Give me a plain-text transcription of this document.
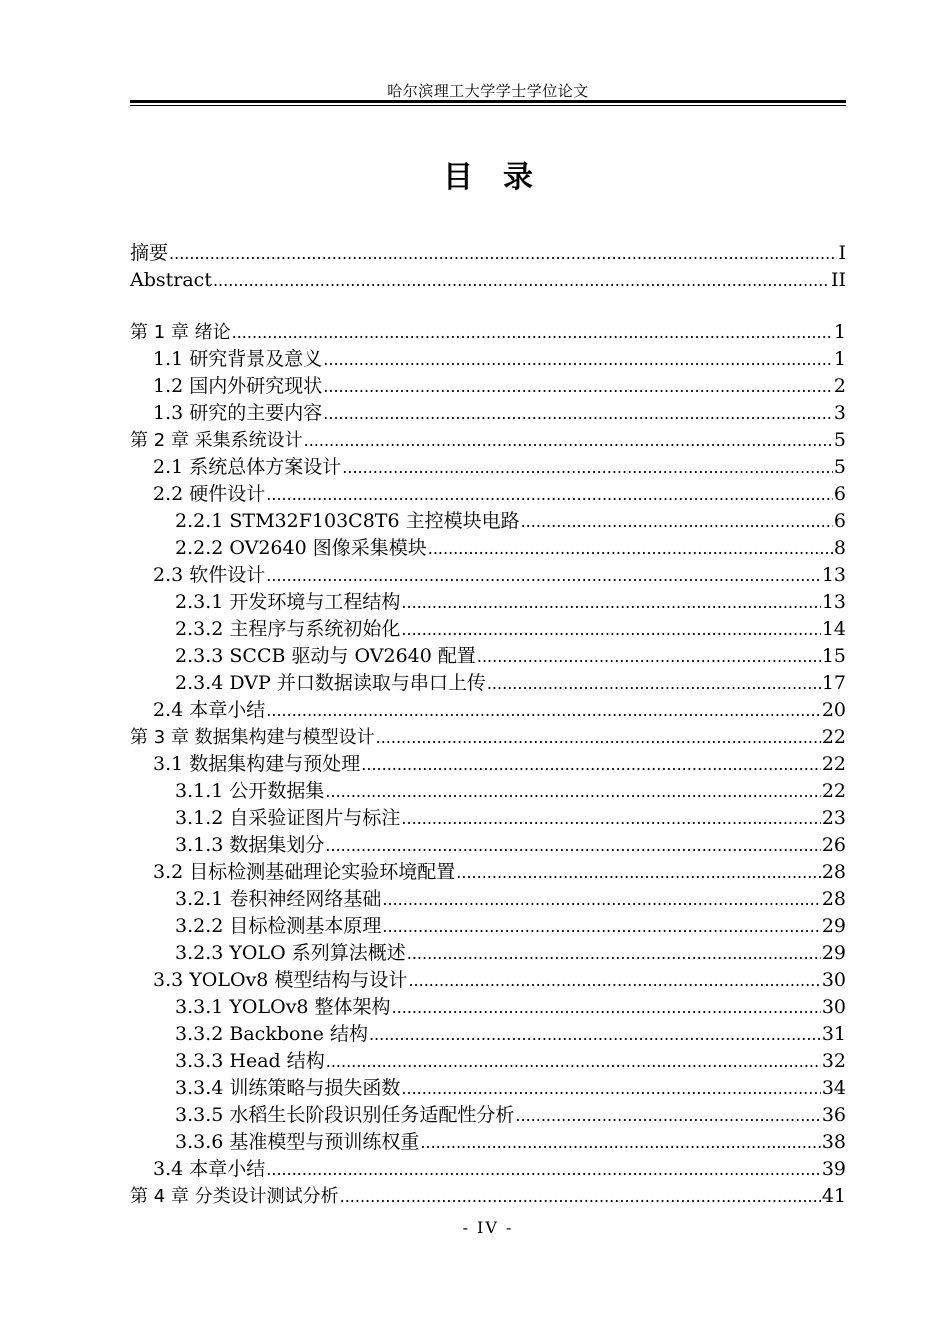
哈尔滨理工大学学士学位论文
目录
摘要 .....	I
Abstract .....	II
第 1 章 绪论 .....	1
1.1 研究背景及意义 .....	1
1.2 国内外研究现状 .....	2
1.3 研究的主要内容 .....	3
第 2 章 采集系统设计 .....	5
2.1 系统总体方案设计 .....	5
2.2 硬件设计 .....	6
2.2.1 STM32F103C8T6 主控模块电路 .....	6
2.2.2 OV2640 图像采集模块 .....	8
2.3 软件设计 .....	13
2.3.1 开发环境与工程结构 .....	13
2.3.2 主程序与系统初始化 .....	14
2.3.3 SCCB 驱动与 OV2640 配置 .....	15
2.3.4 DVP 并口数据读取与串口上传 .....	17
2.4 本章小结 .....	20
第 3 章 数据集构建与模型设计 .....	22
3.1 数据集构建与预处理 .....	22
3.1.1 公开数据集 .....	22
3.1.2 自采验证图片与标注 .....	23
3.1.3 数据集划分 .....	26
3.2 目标检测基础理论实验环境配置 .....	28
3.2.1 卷积神经网络基础 .....	28
3.2.2 目标检测基本原理 .....	29
3.2.3 YOLO 系列算法概述 .....	29
3.3 YOLOv8 模型结构与设计 .....	30
3.3.1 YOLOv8 整体架构 .....	30
3.3.2 Backbone 结构 .....	31
3.3.3 Head 结构 .....	32
3.3.4 训练策略与损失函数 .....	34
3.3.5 水稻生长阶段识别任务适配性分析 .....	36
3.3.6 基准模型与预训练权重 .....	38
3.4 本章小结 .....	39
第 4 章 分类设计测试分析 .....	41
- IV -
